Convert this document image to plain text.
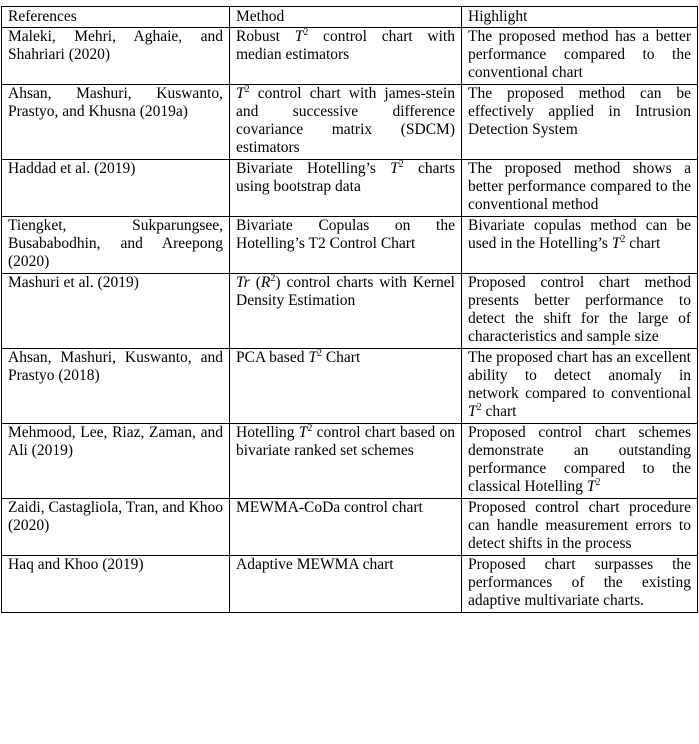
References	Method	Highlight
Maleki, Mehri, Aghaie, and Shahriari (2020)	Robust $T^2$ control chart with median estimators	The proposed method has a better performance compared to the conventional chart
Ahsan, Mashuri, Kuswanto, Prastyo, and Khusna (2019a)	$T^2$ control chart with james-stein and successive difference covariance matrix (SDCM) estimators	The proposed method can be effectively applied in Intrusion Detection System
Haddad et al. (2019)	Bivariate Hotelling’s $T^2$ charts using bootstrap data	The proposed method shows a better performance compared to the conventional method
Tiengket, Sukparungsee, Busababodhin, and Areepong (2020)	Bivariate Copulas on the Hotelling’s T2 Control Chart	Bivariate copulas method can be used in the Hotelling’s $T^2$ chart
Mashuri et al. (2019)	Tr $(R^2)$ control charts with Kernel Density Estimation	Proposed control chart method presents better performance to detect the shift for the large of characteristics and sample size
Ahsan, Mashuri, Kuswanto, and Prastyo (2018)	PCA based $T^2$ Chart	The proposed chart has an excellent ability to detect anomaly in network compared to conventional $T^2$ chart
Mehmood, Lee, Riaz, Zaman, and Ali (2019)	Hotelling $T^2$ control chart based on bivariate ranked set schemes	Proposed control chart schemes demonstrate an outstanding performance compared to the classical Hotelling $T^2$
Zaidi, Castagliola, Tran, and Khoo (2020)	MEWMA-CoDa control chart	Proposed control chart procedure can handle measurement errors to detect shifts in the process
Haq and Khoo (2019)	Adaptive MEWMA chart	Proposed chart surpasses the performances of the existing adaptive multivariate charts.
